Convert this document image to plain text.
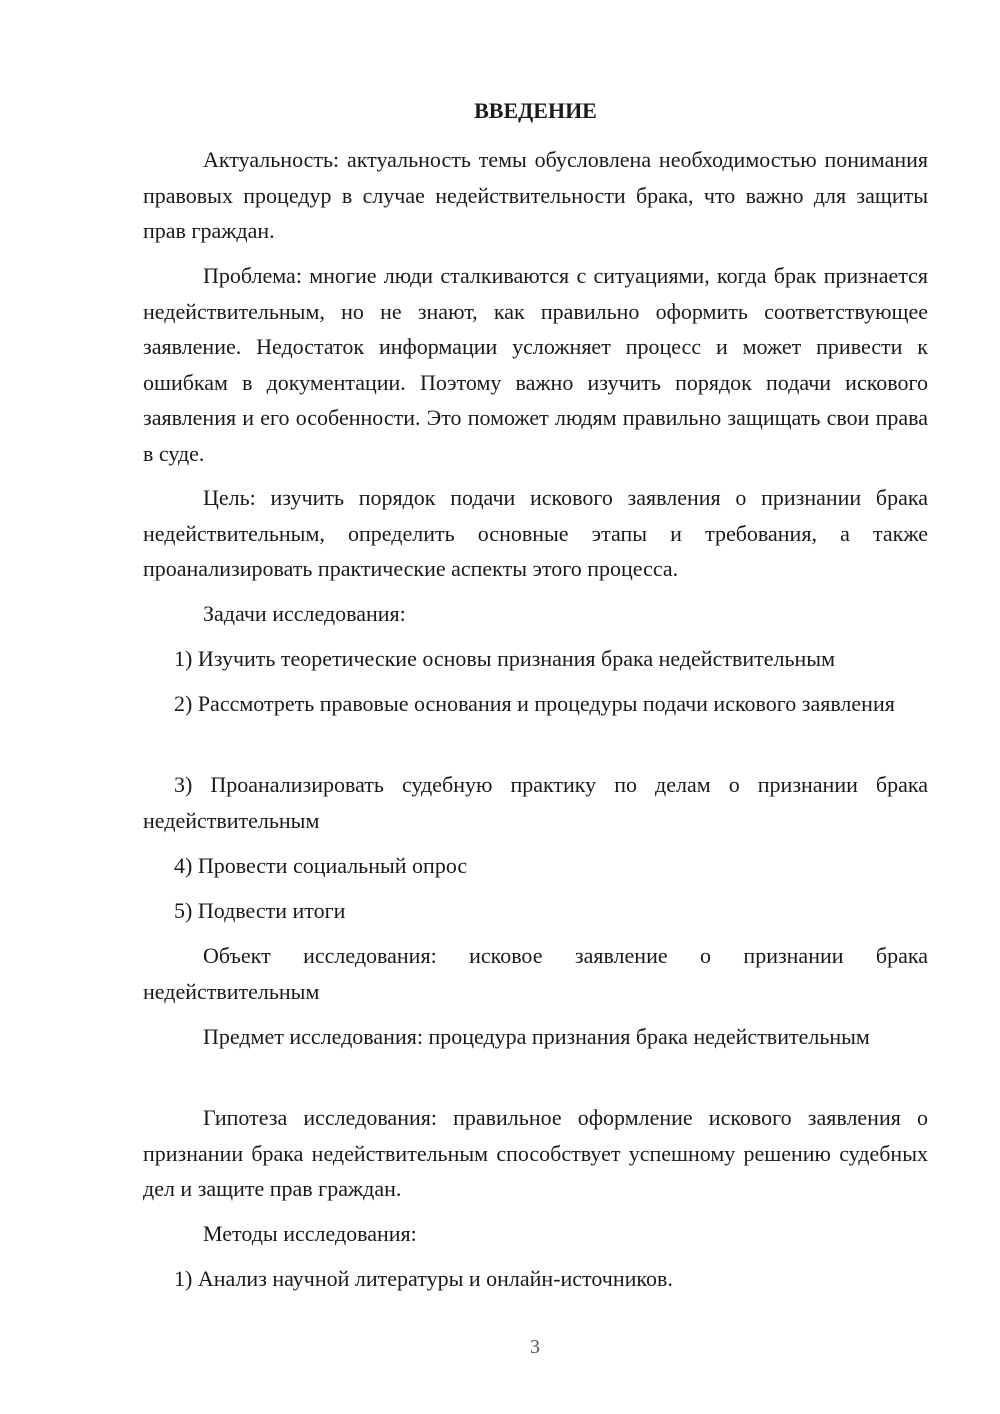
ВВЕДЕНИЕ

Актуальность: актуальность темы обусловлена необходимостью понимания правовых процедур в случае недействительности брака, что важно для защиты прав граждан.

Проблема: многие люди сталкиваются с ситуациями, когда брак признается недействительным, но не знают, как правильно оформить соответствующее заявление. Недостаток информации усложняет процесс и может привести к ошибкам в документации. Поэтому важно изучить порядок подачи искового заявления и его особенности. Это поможет людям правильно защищать свои права в суде.

Цель: изучить порядок подачи искового заявления о признании брака недействительным, определить основные этапы и требования, а также проанализировать практические аспекты этого процесса.

Задачи исследования:

1) Изучить теоретические основы признания брака недействительным

2) Рассмотреть правовые основания и процедуры подачи искового заявления

3) Проанализировать судебную практику по делам о признании брака недействительным

4) Провести социальный опрос

5) Подвести итоги

Объект исследования: исковое заявление о признании брака недействительным

Предмет исследования: процедура признания брака недействительным

Гипотеза исследования: правильное оформление искового заявления о признании брака недействительным способствует успешному решению судебных дел и защите прав граждан.

Методы исследования:

1) Анализ научной литературы и онлайн-источников.

3
